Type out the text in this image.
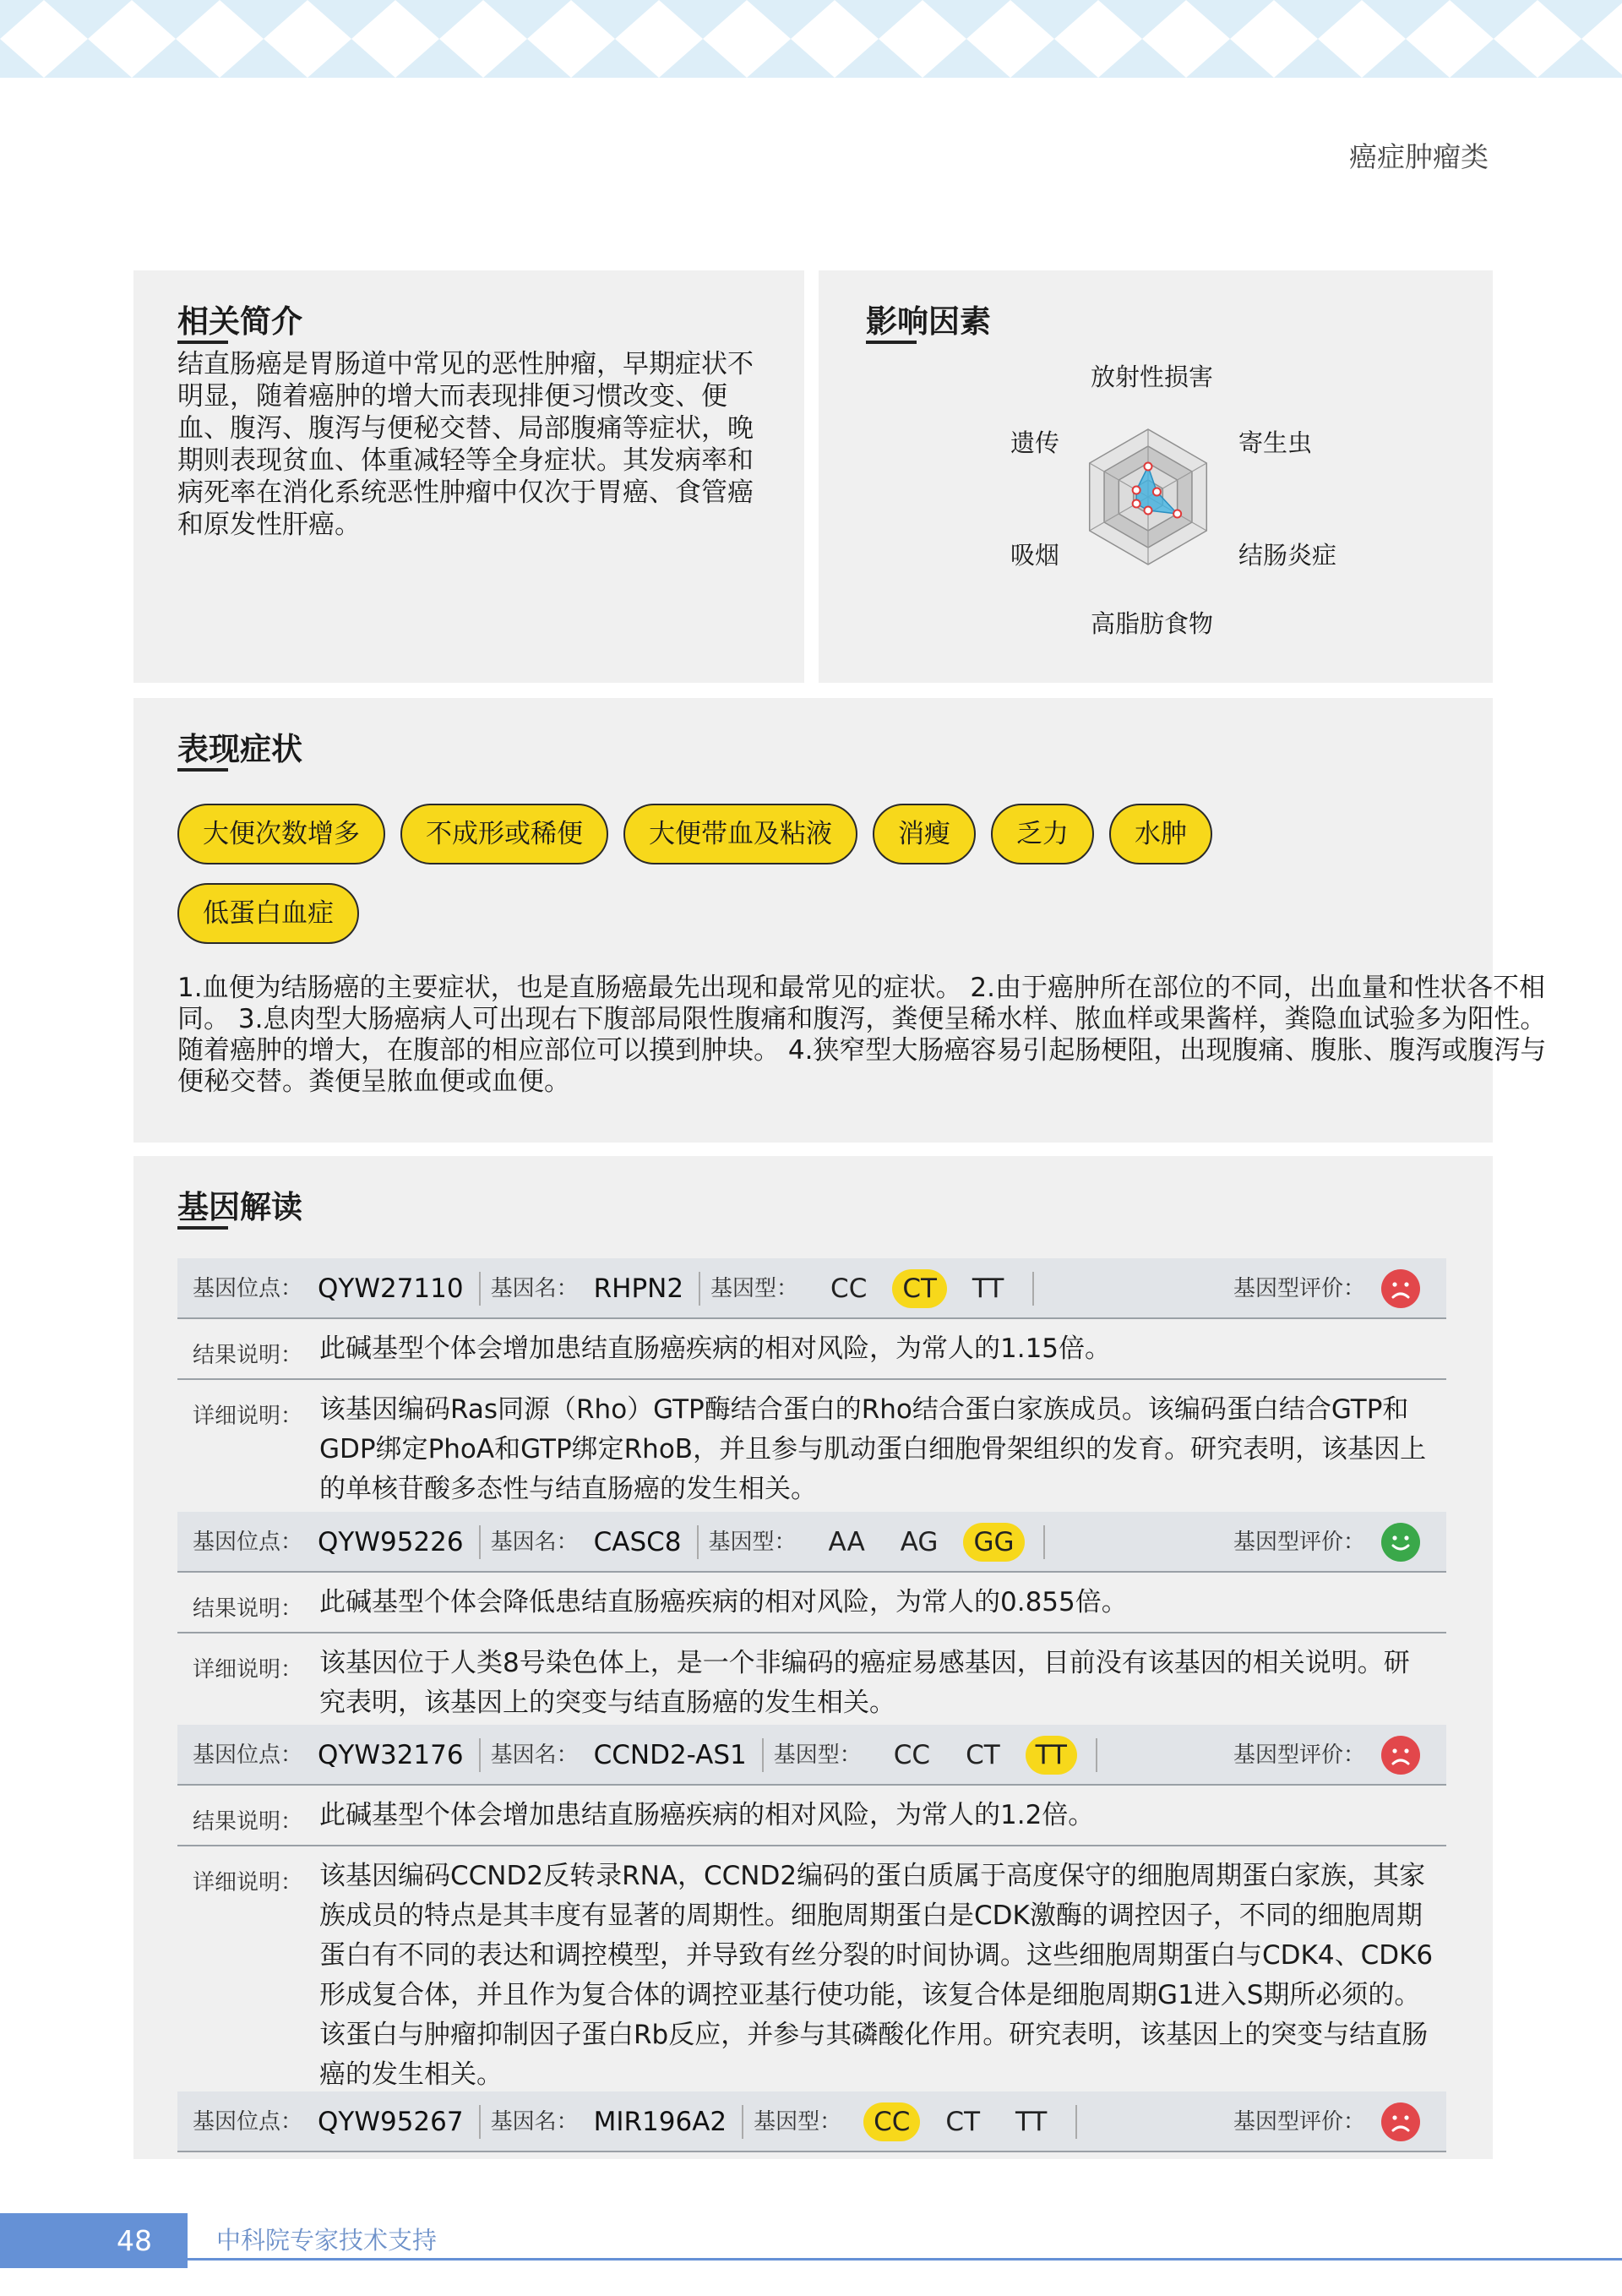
癌症肿瘤类
相关简介
结直肠癌是胃肠道中常见的恶性肿瘤，早期症状不明显，随着癌肿的增大而表现排便习惯改变、便血、腹泻、腹泻与便秘交替、局部腹痛等症状，晚期则表现贫血、体重减轻等全身症状。其发病率和病死率在消化系统恶性肿瘤中仅次于胃癌、食管癌和原发性肝癌。
影响因素
放射性损害
寄生虫
结肠炎症
高脂肪食物
吸烟
遗传
表现症状
大便次数增多	不成形或稀便	大便带血及粘液	消瘦	乏力	水肿
低蛋白血症
1.血便为结肠癌的主要症状，也是直肠癌最先出现和最常见的症状。 2.由于癌肿所在部位的不同，出血量和性状各不相同。 3.息肉型大肠癌病人可出现右下腹部局限性腹痛和腹泻，粪便呈稀水样、脓血样或果酱样，粪隐血试验多为阳性。随着癌肿的增大，在腹部的相应部位可以摸到肿块。 4.狭窄型大肠癌容易引起肠梗阻，出现腹痛、腹胀、腹泻或腹泻与便秘交替。粪便呈脓血便或血便。
基因解读
基因位点： QYW27110 基因名： RHPN2 基因型：	CC	CT	TT	基因型评价：
结果说明： 此碱基型个体会增加患结直肠癌疾病的相对风险，为常人的1.15倍。
详细说明： 该基因编码Ras同源（Rho）GTP酶结合蛋白的Rho结合蛋白家族成员。该编码蛋白结合GTP和GDP绑定PhoA和GTP绑定RhoB，并且参与肌动蛋白细胞骨架组织的发育。研究表明，该基因上的单核苷酸多态性与结直肠癌的发生相关。
基因位点： QYW95226 基因名： CASC8 基因型：	AA	AG	GG	基因型评价：
结果说明： 此碱基型个体会降低患结直肠癌疾病的相对风险，为常人的0.855倍。
详细说明： 该基因位于人类8号染色体上，是一个非编码的癌症易感基因，目前没有该基因的相关说明。研究表明，该基因上的突变与结直肠癌的发生相关。
基因位点： QYW32176 基因名： CCND2-AS1 基因型：	CC	CT	TT	基因型评价：
结果说明： 此碱基型个体会增加患结直肠癌疾病的相对风险，为常人的1.2倍。
详细说明： 该基因编码CCND2反转录RNA，CCND2编码的蛋白质属于高度保守的细胞周期蛋白家族，其家族成员的特点是其丰度有显著的周期性。细胞周期蛋白是CDK激酶的调控因子，不同的细胞周期蛋白有不同的表达和调控模型，并导致有丝分裂的时间协调。这些细胞周期蛋白与CDK4、CDK6形成复合体，并且作为复合体的调控亚基行使功能，该复合体是细胞周期G1进入S期所必须的。该蛋白与肿瘤抑制因子蛋白Rb反应，并参与其磷酸化作用。研究表明，该基因上的突变与结直肠癌的发生相关。
基因位点： QYW95267 基因名： MIR196A2 基因型：	CC	CT	TT	基因型评价：
48	中科院专家技术支持
